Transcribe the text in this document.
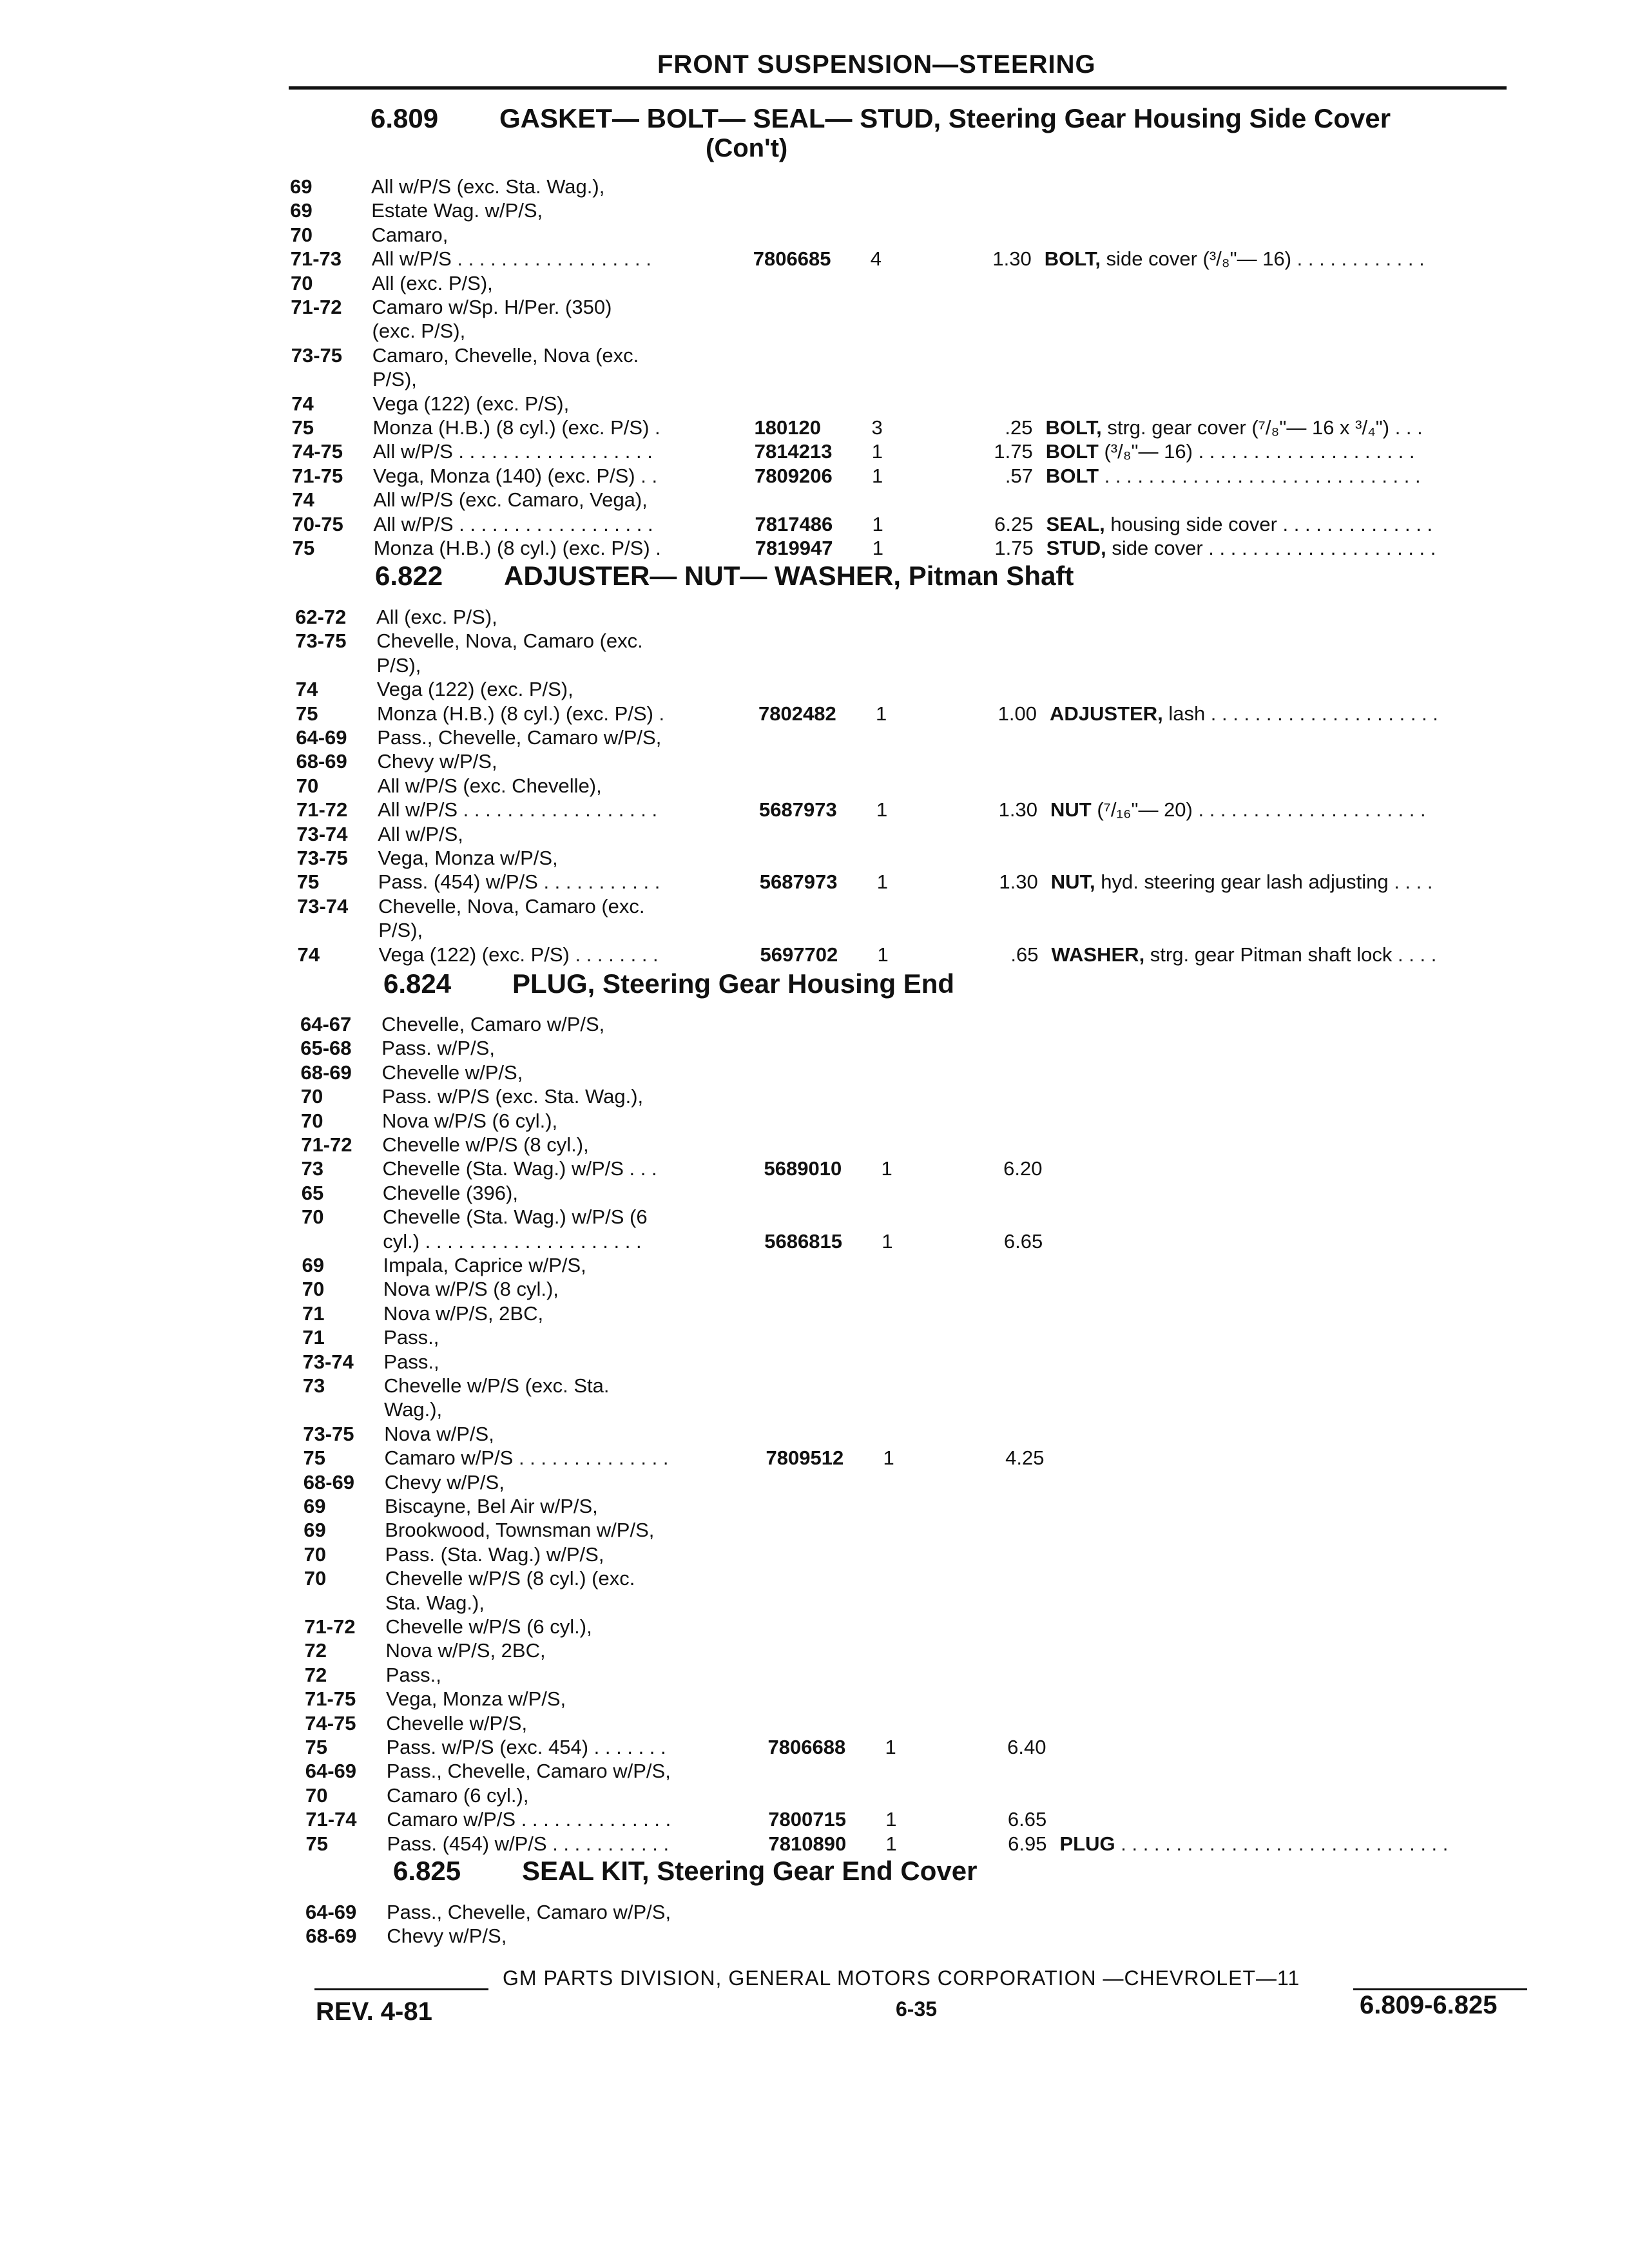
FRONT SUSPENSION—STEERING
6.809 GASKET— BOLT— SEAL— STUD, Steering Gear Housing Side Cover
(Con't)
69	All w/P/S (exc. Sta. Wag.),
69	Estate Wag. w/P/S,
70	Camaro,
71-73 All w/P/S . . . . . . . . . . . . . . . . . .	7806685 4	1.30 BOLT, side cover (³/₈"— 16) . . . . . . . . . . . .
70	All (exc. P/S),
71-72 Camaro w/Sp. H/Per. (350)
(exc. P/S),
73-75 Camaro, Chevelle, Nova (exc.
P/S),
74	Vega (122) (exc. P/S),
75	Monza (H.B.) (8 cyl.) (exc. P/S) .	180120	3	.25 BOLT, strg. gear cover (⁷/₈"— 16 x ³/₄") . . .
74-75 All w/P/S . . . . . . . . . . . . . . . . . .	7814213 1	1.75 BOLT (³/₈"— 16) . . . . . . . . . . . . . . . . . . . .
71-75 Vega, Monza (140) (exc. P/S) . .	7809206 1	.57 BOLT . . . . . . . . . . . . . . . . . . . . . . . . . . . . .
74	All w/P/S (exc. Camaro, Vega),
70-75 All w/P/S . . . . . . . . . . . . . . . . . .	7817486 1	6.25 SEAL, housing side cover . . . . . . . . . . . . . .
75	Monza (H.B.) (8 cyl.) (exc. P/S) .	7819947 1	1.75 STUD, side cover . . . . . . . . . . . . . . . . . . . . .
6.822 ADJUSTER— NUT— WASHER, Pitman Shaft
62-72 All (exc. P/S),
73-75 Chevelle, Nova, Camaro (exc.
P/S),
74	Vega (122) (exc. P/S),
75	Monza (H.B.) (8 cyl.) (exc. P/S) .	7802482 1	1.00 ADJUSTER, lash . . . . . . . . . . . . . . . . . . . . .
64-69 Pass., Chevelle, Camaro w/P/S,
68-69 Chevy w/P/S,
70	All w/P/S (exc. Chevelle),
71-72 All w/P/S . . . . . . . . . . . . . . . . . .	5687973 1	1.30 NUT (⁷/₁₆"— 20) . . . . . . . . . . . . . . . . . . . . .
73-74 All w/P/S,
73-75 Vega, Monza w/P/S,
75	Pass. (454) w/P/S . . . . . . . . . . .	5687973 1	1.30 NUT, hyd. steering gear lash adjusting . . . .
73-74 Chevelle, Nova, Camaro (exc.
P/S),
74	Vega (122) (exc. P/S) . . . . . . . .	5697702 1	.65 WASHER, strg. gear Pitman shaft lock . . . .
6.824 PLUG, Steering Gear Housing End
64-67 Chevelle, Camaro w/P/S,
65-68 Pass. w/P/S,
68-69 Chevelle w/P/S,
70	Pass. w/P/S (exc. Sta. Wag.),
70	Nova w/P/S (6 cyl.),
71-72 Chevelle w/P/S (8 cyl.),
73	Chevelle (Sta. Wag.) w/P/S . . .	5689010 1	6.20
65	Chevelle (396),
70	Chevelle (Sta. Wag.) w/P/S (6
cyl.) . . . . . . . . . . . . . . . . . . . .	5686815 1	6.65
69	Impala, Caprice w/P/S,
70	Nova w/P/S (8 cyl.),
71	Nova w/P/S, 2BC,
71	Pass.,
73-74 Pass.,
73	Chevelle w/P/S (exc. Sta.
Wag.),
73-75 Nova w/P/S,
75	Camaro w/P/S . . . . . . . . . . . . . .	7809512 1	4.25
68-69 Chevy w/P/S,
69	Biscayne, Bel Air w/P/S,
69	Brookwood, Townsman w/P/S,
70	Pass. (Sta. Wag.) w/P/S,
70	Chevelle w/P/S (8 cyl.) (exc.
Sta. Wag.),
71-72 Chevelle w/P/S (6 cyl.),
72	Nova w/P/S, 2BC,
72	Pass.,
71-75 Vega, Monza w/P/S,
74-75 Chevelle w/P/S,
75	Pass. w/P/S (exc. 454) . . . . . . .	7806688 1	6.40
64-69 Pass., Chevelle, Camaro w/P/S,
70	Camaro (6 cyl.),
71-74 Camaro w/P/S . . . . . . . . . . . . . .	7800715 1	6.65
75	Pass. (454) w/P/S . . . . . . . . . . .	7810890 1	6.95 PLUG . . . . . . . . . . . . . . . . . . . . . . . . . . . . . .
6.825 SEAL KIT, Steering Gear End Cover
64-69 Pass., Chevelle, Camaro w/P/S,
68-69 Chevy w/P/S,
GM PARTS DIVISION, GENERAL MOTORS CORPORATION —CHEVROLET—11
REV. 4-81	6-35	6.809-6.825
